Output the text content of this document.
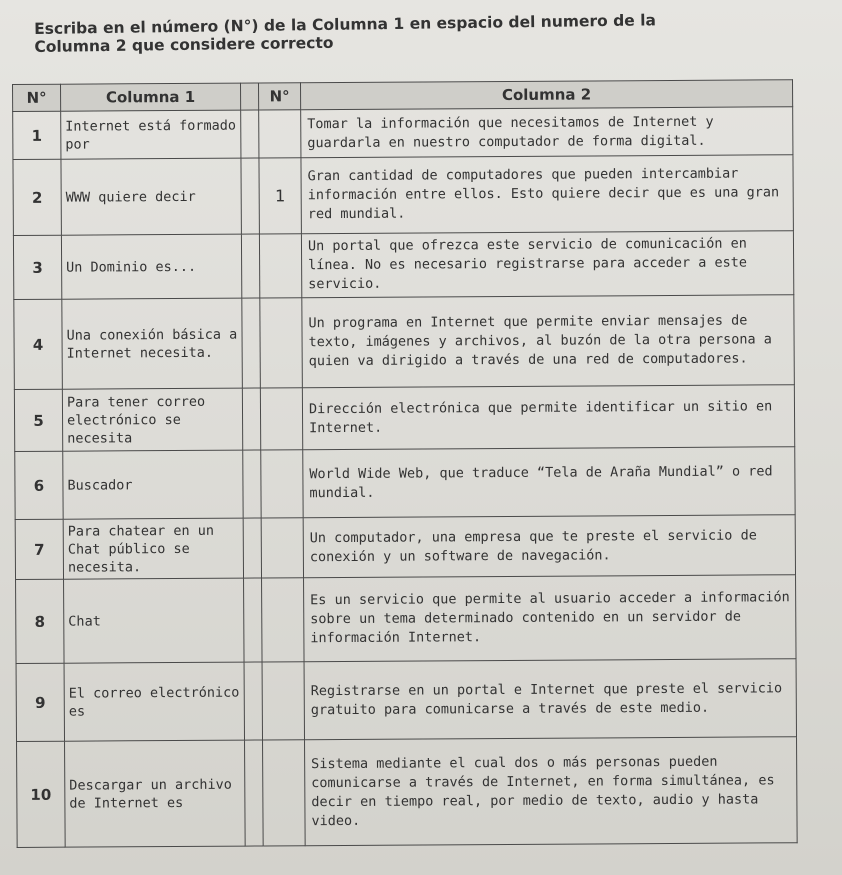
Escriba en el número (N°) de la Columna 1 en espacio del numero de la
Columna 2 que considere correcto
N°	Columna 1		N°	Columna 2
1	Internet está formado por			Tomar la información que necesitamos de Internet y guardarla en nuestro computador de forma digital.
2	WWW quiere decir		1	Gran cantidad de computadores que pueden intercambiar información entre ellos. Esto quiere decir que es una gran red mundial.
3	Un Dominio es...			Un portal que ofrezca este servicio de comunicación en línea. No es necesario registrarse para acceder a este servicio.
4	Una conexión básica a Internet necesita.			Un programa en Internet que permite enviar mensajes de texto, imágenes y archivos, al buzón de la otra persona a quien va dirigido a través de una red de computadores.
5	Para tener correo electrónico se necesita			Dirección electrónica que permite identificar un sitio en Internet.
6	Buscador			World Wide Web, que traduce “Tela de Araña Mundial” o red mundial.
7	Para chatear en un Chat público se necesita.			Un computador, una empresa que te preste el servicio de conexión y un software de navegación.
8	Chat			Es un servicio que permite al usuario acceder a información sobre un tema determinado contenido en un servidor de información Internet.
9	El correo electrónico es			Registrarse en un portal e Internet que preste el servicio gratuito para comunicarse a través de este medio.
10	Descargar un archivo de Internet es			Sistema mediante el cual dos o más personas pueden comunicarse a través de Internet, en forma simultánea, es decir en tiempo real, por medio de texto, audio y hasta video.
